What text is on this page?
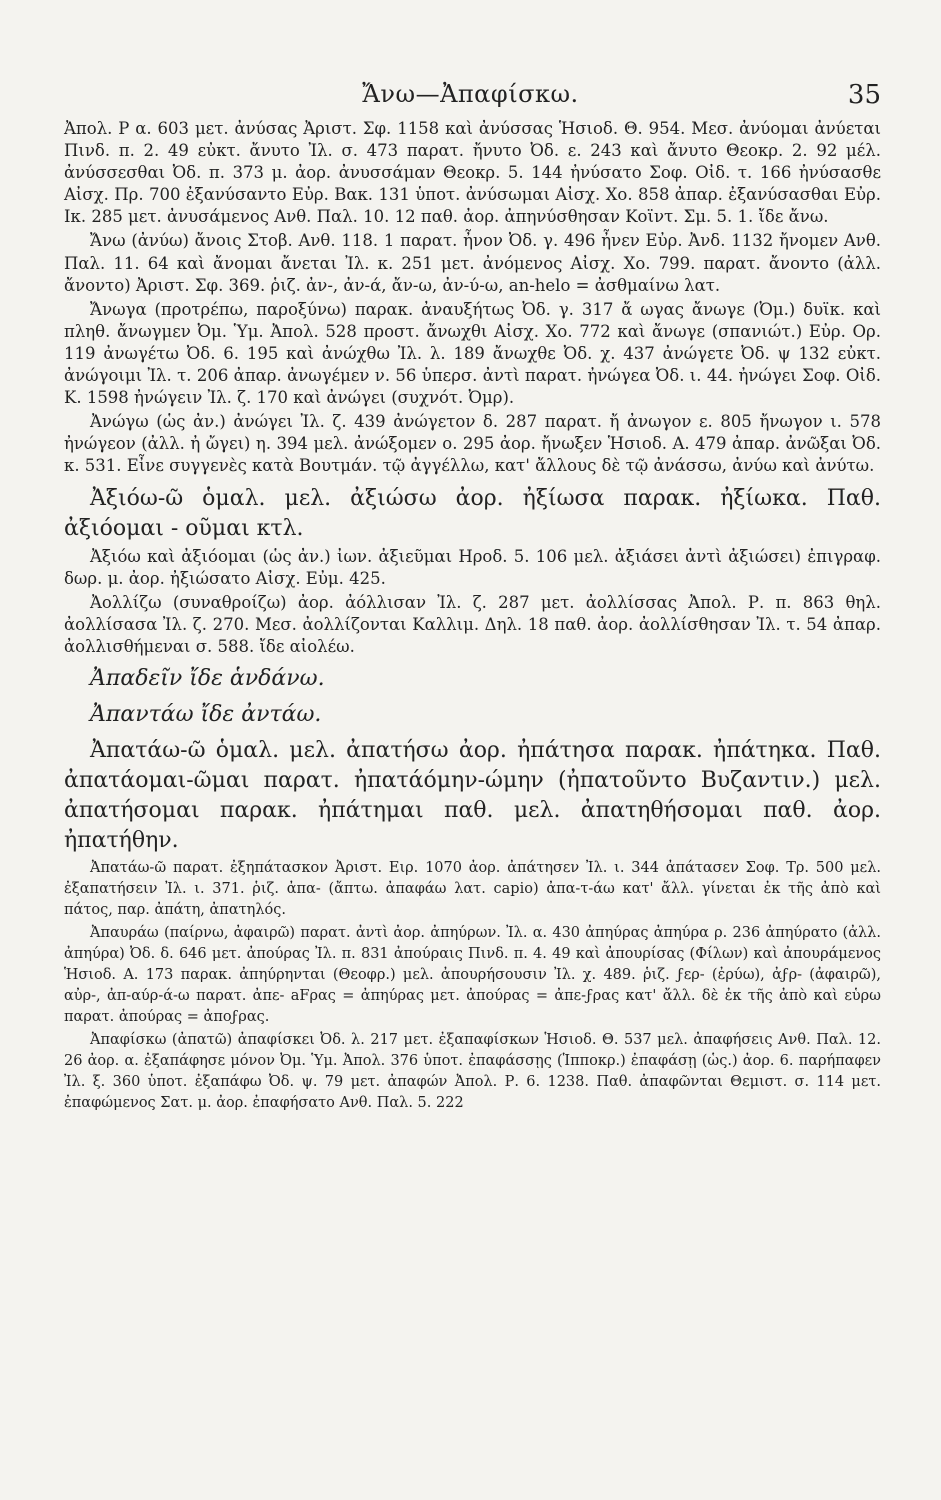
Ἄνω—Ἀπαφίσκω.	35

Ἀπολ. Ρ α. 603 μετ. ἀνύσας Ἀριστ. Σφ. 1158 καὶ ἀνύσσας Ἡσιοδ. Θ. 954. Μεσ. ἀνύομαι ἀνύεται Πινδ. π. 2. 49 εὐκτ. ἄνυτο Ἰλ. σ. 473 παρατ. ἤνυτο Ὀδ. ε. 243 καὶ ἄνυτο Θεοκρ. 2. 92 μέλ. ἀνύσσεσθαι Ὀδ. π. 373 μ. ἀορ. ἀνυσσάμαν Θεοκρ. 5. 144 ἠνύσατο Σοφ. Οἰδ. τ. 166 ἠνύσασθε Αἰσχ. Πρ. 700 ἐξανύσαντο Εὐρ. Βακ. 131 ὑποτ. ἀνύσωμαι Αἰσχ. Χο. 858 ἀπαρ. ἐξανύσασθαι Εὐρ. Ικ. 285 μετ. ἀνυσάμενος Ανθ. Παλ. 10. 12 παθ. ἀορ. ἀπηνύσθησαν Κοϊντ. Σμ. 5. 1. ἴδε ἄνω.

Ἄνω (ἀνύω) ἄνοις Στοβ. Ανθ. 118. 1 παρατ. ἦνον Ὀδ. γ. 496 ἦνεν Εὐρ. Ἀνδ. 1132 ἤνομεν Ανθ. Παλ. 11. 64 καὶ ἄνομαι ἄνεται Ἰλ. κ. 251 μετ. ἀνόμενος Αἰσχ. Χο. 799. παρατ. ἄνοντο (ἀλλ. ἄνοντο) Ἀριστ. Σφ. 369. ῥιζ. ἀν-, ἀν-ά, ἄν-ω, ἀν-ύ-ω, an-helo = ἀσθμαίνω λατ.

Ἄνωγα (προτρέπω, παροξύνω) παρακ. ἀναυξήτως Ὀδ. γ. 317 ἄ ωγας ἄνωγε (Ὀμ.) δυϊκ. καὶ πληθ. ἄνωγμεν Ὀμ. Ὑμ. Ἀπολ. 528 προστ. ἄνωχθι Αἰσχ. Χο. 772 καὶ ἄνωγε (σπανιώτ.) Εὐρ. Ορ. 119 ἀνωγέτω Ὀδ. 6. 195 καὶ ἀνώχθω Ἰλ. λ. 189 ἄνωχθε Ὀδ. χ. 437 ἀνώγετε Ὀδ. ψ 132 εὐκτ. ἀνώγοιμι Ἰλ. τ. 206 ἀπαρ. ἀνωγέμεν ν. 56 ὑπερσ. ἀντὶ παρατ. ἠνώγεα Ὀδ. ι. 44. ἠνώγει Σοφ. Οἰδ. Κ. 1598 ἠνώγειν Ἰλ. ζ. 170 καὶ ἀνώγει (συχνότ. Ὀμρ).

Ἀνώγω (ὡς ἀν.) ἀνώγει Ἰλ. ζ. 439 ἀνώγετον δ. 287 παρατ. ἤ ἀνωγον ε. 805 ἤνωγον ι. 578 ἠνώγεον (ἀλλ. ἠ ὤγει) η. 394 μελ. ἀνώξομεν ο. 295 ἀορ. ἤνωξεν Ἡσιοδ. Α. 479 ἀπαρ. ἀνῶξαι Ὀδ. κ. 531. Εἶνε συγγενὲς κατὰ Βουτμάν. τῷ ἀγγέλλω, κατ' ἄλλους δὲ τῷ ἀνάσσω, ἀνύω καὶ ἀνύτω.

Ἀξιόω-ῶ ὁμαλ. μελ. ἀξιώσω ἀορ. ἠξίωσα παρακ. ἠξίωκα. Παθ. ἀξιόομαι - οῦμαι κτλ.

Ἀξιόω καὶ ἀξιόομαι (ὡς ἀν.) ἰων. ἀξιεῦμαι Ηροδ. 5. 106 μελ. ἀξιάσει ἀντὶ ἀξιώσει) ἐπιγραφ. δωρ. μ. ἀορ. ἠξιώσατο Αἰσχ. Εὐμ. 425.

Ἀολλίζω (συναθροίζω) ἀορ. ἀόλλισαν Ἰλ. ζ. 287 μετ. ἀολλίσσας Ἀπολ. Ρ. π. 863 θηλ. ἀολλίσασα Ἰλ. ζ. 270. Μεσ. ἀολλίζονται Καλλιμ. Δηλ. 18 παθ. ἀορ. ἀολλίσθησαν Ἰλ. τ. 54 ἀπαρ. ἀολλισθήμεναι σ. 588. ἴδε αἰολέω.

Ἀπαδεῖν ἴδε ἁνδάνω.

Ἀπαντάω ἴδε ἀντάω.

Ἀπατάω-ῶ ὁμαλ. μελ. ἀπατήσω ἀορ. ἠπάτησα παρακ. ἠπάτηκα. Παθ. ἀπατάομαι-ῶμαι παρατ. ἠπατάόμην-ώμην (ἠπατοῦντο Βυζαντιν.) μελ. ἀπατήσομαι παρακ. ἠπάτημαι παθ. μελ. ἀπατηθήσομαι παθ. ἀορ. ἠπατήθην.

Ἀπατάω-ῶ παρατ. ἐξηπάτασκον Ἀριστ. Ειρ. 1070 ἀορ. ἀπάτησεν Ἰλ. ι. 344 ἀπάτασεν Σοφ. Τρ. 500 μελ. ἐξαπατήσειν Ἰλ. ι. 371. ῥιζ. ἀπα- (ἄπτω. ἀπαφάω λατ. capio) ἀπα-τ-άω κατ' ἄλλ. γίνεται ἐκ τῆς ἀπὸ καὶ πάτος, παρ. ἀπάτη, ἀπατηλός.

Ἀπαυράω (παίρνω, ἀφαιρῶ) παρατ. ἀντὶ ἀορ. ἀπηύρων. Ἰλ. α. 430 ἀπηύρας ἀπηύρα ρ. 236 ἀπηύρατο (ἀλλ. ἀπηύρα) Ὀδ. δ. 646 μετ. ἀπούρας Ἰλ. π. 831 ἀπούραις Πινδ. π. 4. 49 καὶ ἀπουρίσας (Φίλων) καὶ ἀπουράμενος Ἡσιοδ. Α. 173 παρακ. ἀπηύρηνται (Θεοφρ.) μελ. ἀπουρήσουσιν Ἰλ. χ. 489. ῥιζ. ϝερ- (ἐρύω), ἀϝρ- (ἀφαιρῶ), αὐρ-, ἀπ-αύρ-ά-ω παρατ. ἀπε- aFρας = ἀπηύρας μετ. ἀπούρας = ἀπε-ϝρας κατ' ἄλλ. δὲ ἐκ τῆς ἀπὸ καὶ εὑρω παρατ. ἀπούρας = ἀποϝρας.

Ἀπαφίσκω (ἀπατῶ) ἀπαφίσκει Ὀδ. λ. 217 μετ. ἐξαπαφίσκων Ἡσιοδ. Θ. 537 μελ. ἀπαφήσεις Ανθ. Παλ. 12. 26 ἀορ. α. ἐξαπάφησε μόνον Ὀμ. Ὑμ. Ἀπολ. 376 ὑποτ. ἐπαφάσσῃς (Ἱπποκρ.) ἐπαφάσῃ (ὡς.) ἀορ. 6. παρήπαφεν Ἰλ. ξ. 360 ὑποτ. ἐξαπάφω Ὀδ. ψ. 79 μετ. ἀπαφών Ἀπολ. Ρ. 6. 1238. Παθ. ἀπαφῶνται Θεμιστ. σ. 114 μετ. ἐπαφώμενος Σατ. μ. ἀορ. ἐπαφήσατο Ανθ. Παλ. 5. 222
